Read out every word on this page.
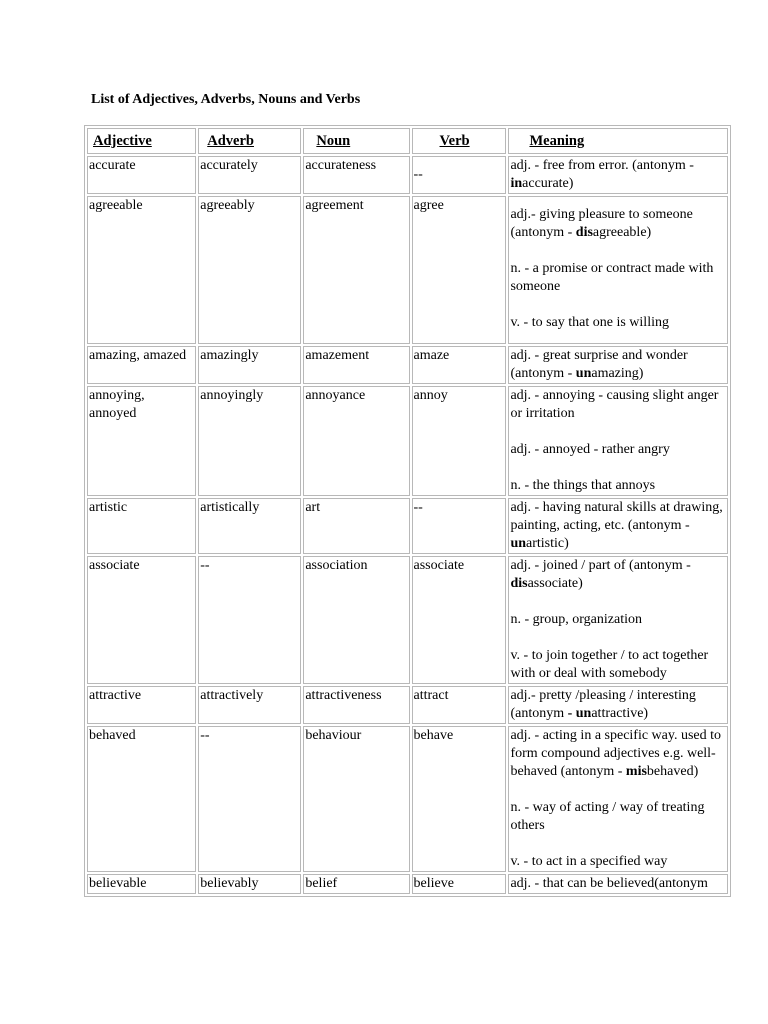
List of Adjectives, Adverbs, Nouns and Verbs
Adjective	Adverb	Noun	Verb	Meaning
accurate	accurately	accurateness	--	adj. - free from error. (antonym - inaccurate)

agreeable	agreeably	agreement	agree	adj.- giving pleasure to someone (antonym - disagreeable)
n. - a promise or contract made with someone
v. - to say that one is willing

amazing, amazed	amazingly	amazement	amaze	adj. - great surprise and wonder (antonym - unamazing)

annoying, annoyed	annoyingly	annoyance	annoy	adj. - annoying - causing slight anger or irritation
adj. - annoyed - rather angry
n. - the things that annoys

artistic	artistically	art	--	adj. - having natural skills at drawing, painting, acting, etc. (antonym - unartistic)

associate	--	association	associate	adj. - joined / part of (antonym - disassociate)
n. - group, organization
v. - to join together / to act together with or deal with somebody

attractive	attractively	attractiveness	attract	adj.- pretty /pleasing / interesting (antonym - unattractive)

behaved	--	behaviour	behave	adj. - acting in a specific way. used to form compound adjectives e.g. well-behaved (antonym - misbehaved)
n. - way of acting / way of treating others
v. - to act in a specified way

believable	believably	belief	believe	adj. - that can be believed(antonym
